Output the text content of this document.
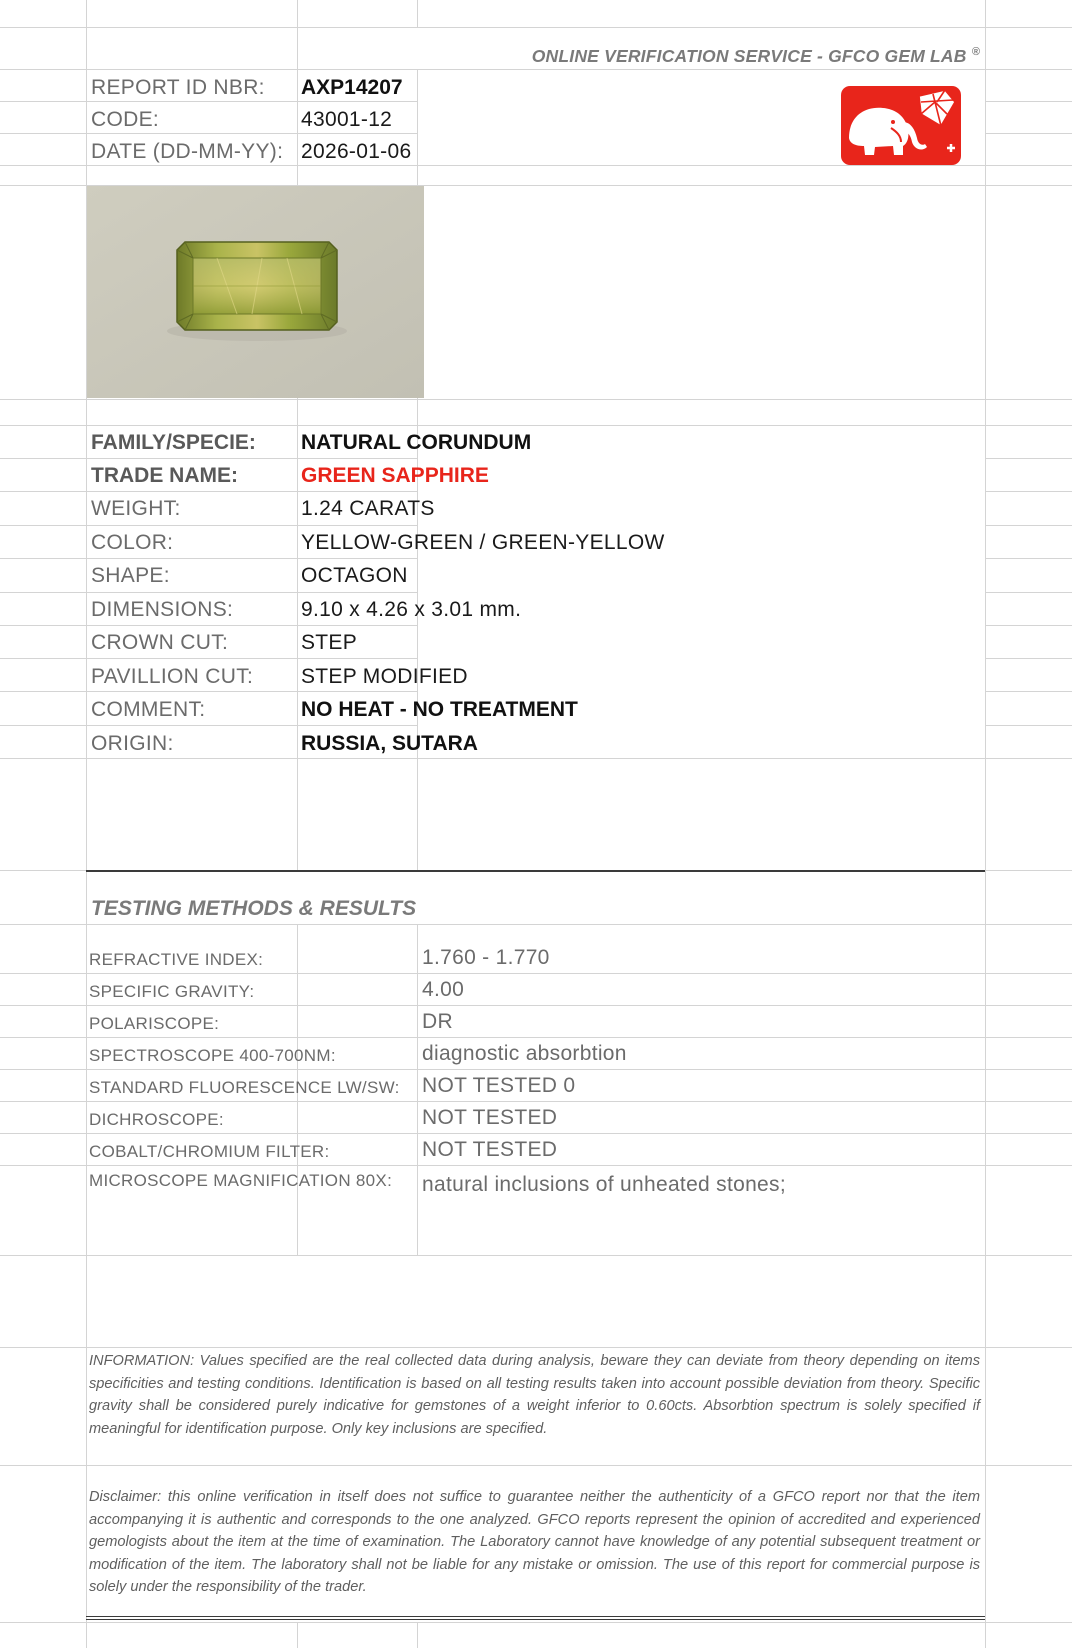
ONLINE VERIFICATION SERVICE - GFCO GEM LAB ®
REPORT ID NBR: AXP14207
CODE:	43001-12
DATE (DD-MM-YY): 2026-01-06
FAMILY/SPECIE: NATURAL CORUNDUM
TRADE NAME:	GREEN SAPPHIRE
WEIGHT:	1.24 CARATS
COLOR:	YELLOW-GREEN / GREEN-YELLOW
SHAPE:	OCTAGON
DIMENSIONS:	9.10 x 4.26 x 3.01 mm.
CROWN CUT:	STEP
PAVILLION CUT: STEP MODIFIED
COMMENT:	NO HEAT - NO TREATMENT
ORIGIN:	RUSSIA, SUTARA
TESTING METHODS & RESULTS
REFRACTIVE INDEX:	1.760 - 1.770
SPECIFIC GRAVITY:	4.00
POLARISCOPE:	DR
SPECTROSCOPE 400-700NM:	diagnostic absorbtion
STANDARD FLUORESCENCE LW/SW: NOT TESTED 0
DICHROSCOPE:	NOT TESTED
COBALT/CHROMIUM FILTER:	NOT TESTED
MICROSCOPE MAGNIFICATION 80X: natural inclusions of unheated stones;
INFORMATION: Values specified are the real collected data during analysis, beware they can deviate from theory depending on items specificities and testing conditions. Identification is based on all testing results taken into account possible deviation from theory. Specific gravity shall be considered purely indicative for gemstones of a weight inferior to 0.60cts. Absorbtion spectrum is solely specified if meaningful for identification purpose. Only key inclusions are specified.
Disclaimer: this online verification in itself does not suffice to guarantee neither the authenticity of a GFCO report nor that the item accompanying it is authentic and corresponds to the one analyzed. GFCO reports represent the opinion of accredited and experienced gemologists about the item at the time of examination. The Laboratory cannot have knowledge of any potential subsequent treatment or modification of the item. The laboratory shall not be liable for any mistake or omission. The use of this report for commercial purpose is solely under the responsibility of the trader.
